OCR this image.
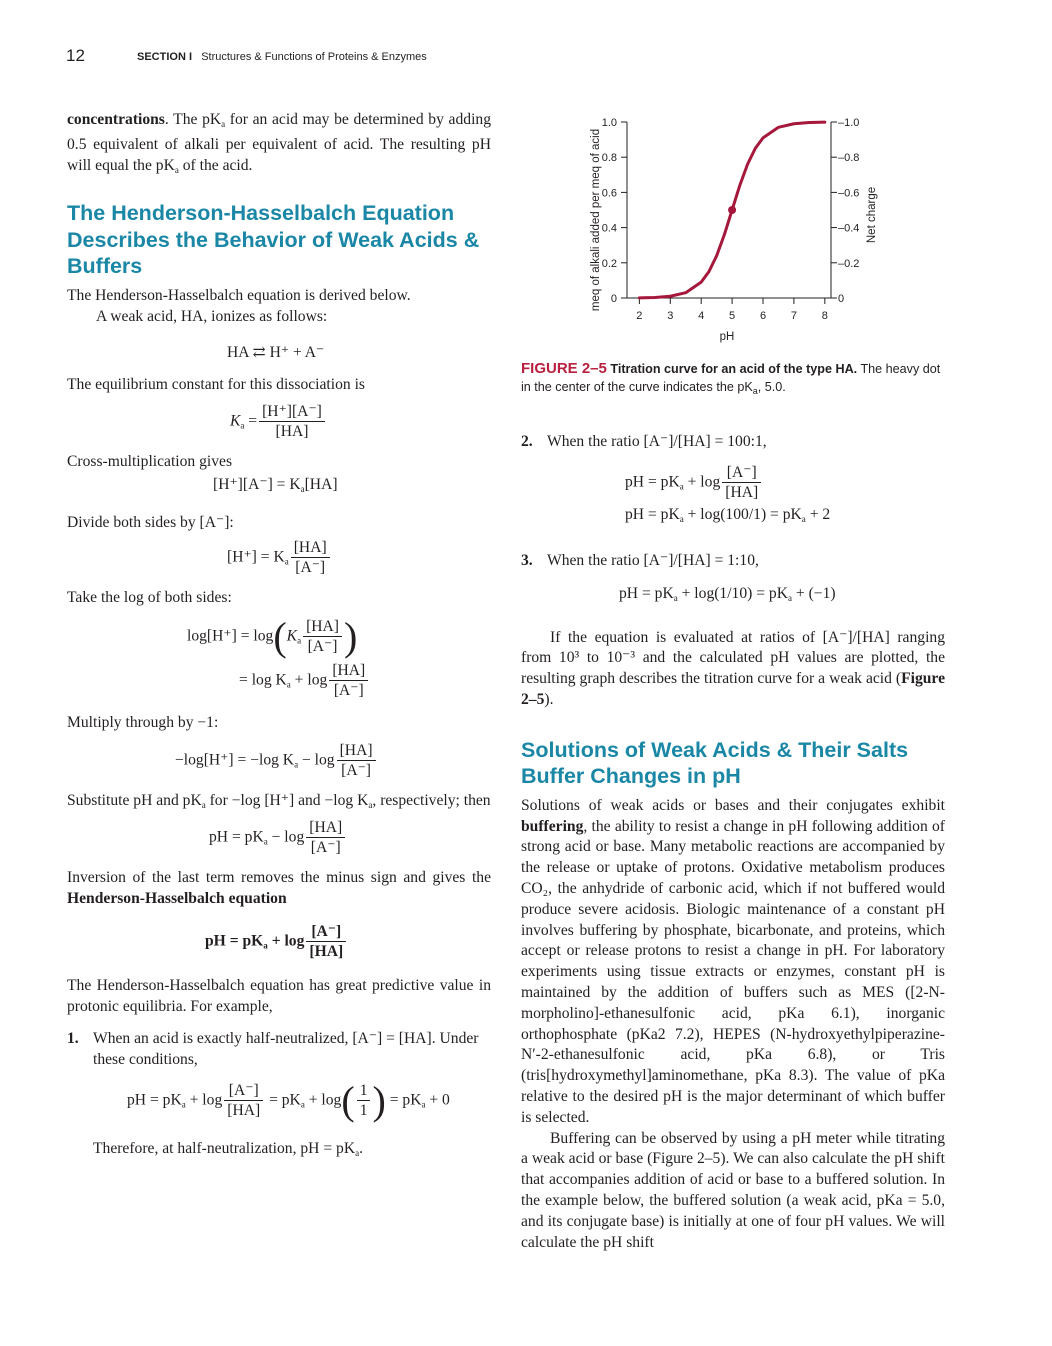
12	SECTION I Structures & Functions of Proteins & Enzymes

concentrations. The pKa for an acid may be determined by adding 0.5 equivalent of alkali per equivalent of acid. The resulting pH will equal the pKa of the acid.

The Henderson-Hasselbalch Equation Describes the Behavior of Weak Acids & Buffers

The Henderson-Hasselbalch equation is derived below.

A weak acid, HA, ionizes as follows:

HA ⇄ H⁺ + A⁻

The equilibrium constant for this dissociation is

$Ka = \frac{[H^+][A^-]}{[HA]}$

Cross-multiplication gives

[H⁺][A⁻] = Ka[HA]

Divide both sides by [A⁻]:

[H⁺] = Ka $\frac{[HA]}{[A^-]}$

Take the log of both sides:

$\log[H^+] = \log(Ka \frac{[HA]}{[A^-]}$ )
= $\log Ka + \log \frac{[HA]}{[A^-]}$

Multiply through by −1:

−log[H⁺] = −log $Ka - \log \frac{[HA]}{[A^-]}$

Substitute pH and pKa for −log [H⁺] and −log Ka, respectively; then

pH = pKa − $\log \frac{[HA]}{[A^-]}$

Inversion of the last term removes the minus sign and gives the Henderson-Hasselbalch equation

pH = pKa + $\log \frac{[A^-]}{[HA]}$

The Henderson-Hasselbalch equation has great predictive value in protonic equilibria. For example,

1. When an acid is exactly half-neutralized, [A⁻] = [HA]. Under these conditions,
pH = pKa + $\log \frac{[A^-]}{[HA]}$ = pKa + $\log( \frac{1}{1}$ ) = pKa + 0

Therefore, at half-neutralization, pH = pKa.

meq of alkali added per meq of acid	Net charge
pH
0
0.2
0.4
0.6
0.8
1.0
0
–0.2
–0.4
–0.6
–0.8
–1.0
2 3 4 5 6 7 8
FIGURE 2–5 Titration curve for an acid of the type HA. The heavy dot in the center of the curve indicates the $pK_a$, 5.0.
2. When the ratio [A⁻]/[HA] = 100:1,
pH = pKa + $\log \frac{[A^-]}{[HA]}$
pH = pKa + log(100/1) = pKa + 2
3. When the ratio [A⁻]/[HA] = 1:10,
pH = pKa + log(1/10) = pKa + (−1)

If the equation is evaluated at ratios of [A⁻]/[HA] ranging from 10³ to 10⁻³ and the calculated pH values are plotted, the resulting graph describes the titration curve for a weak acid (Figure 2–5).

Solutions of Weak Acids & Their Salts Buffer Changes in pH

Solutions of weak acids or bases and their conjugates exhibit buffering, the ability to resist a change in pH following addition of strong acid or base. Many metabolic reactions are accompanied by the release or uptake of protons. Oxidative metabolism produces CO₂, the anhydride of carbonic acid, which if not buffered would produce severe acidosis. Biologic maintenance of a constant pH involves buffering by phosphate, bicarbonate, and proteins, which accept or release protons to resist a change in pH. For laboratory experiments using tissue extracts or enzymes, constant pH is maintained by the addition of buffers such as MES ([2-N-morpholino]-ethanesulfonic acid, pKa 6.1), inorganic orthophosphate (pKa2 7.2), HEPES (N-hydroxyethylpiperazine-N′-2-ethanesulfonic acid, pKa 6.8), or Tris (tris[hydroxymethyl]aminomethane, pKa 8.3). The value of pKa relative to the desired pH is the major determinant of which buffer is selected.

Buffering can be observed by using a pH meter while titrating a weak acid or base (Figure 2–5). We can also calculate the pH shift that accompanies addition of acid or base to a buffered solution. In the example below, the buffered solution (a weak acid, pKa = 5.0, and its conjugate base) is initially at one of four pH values. We will calculate the pH shift
